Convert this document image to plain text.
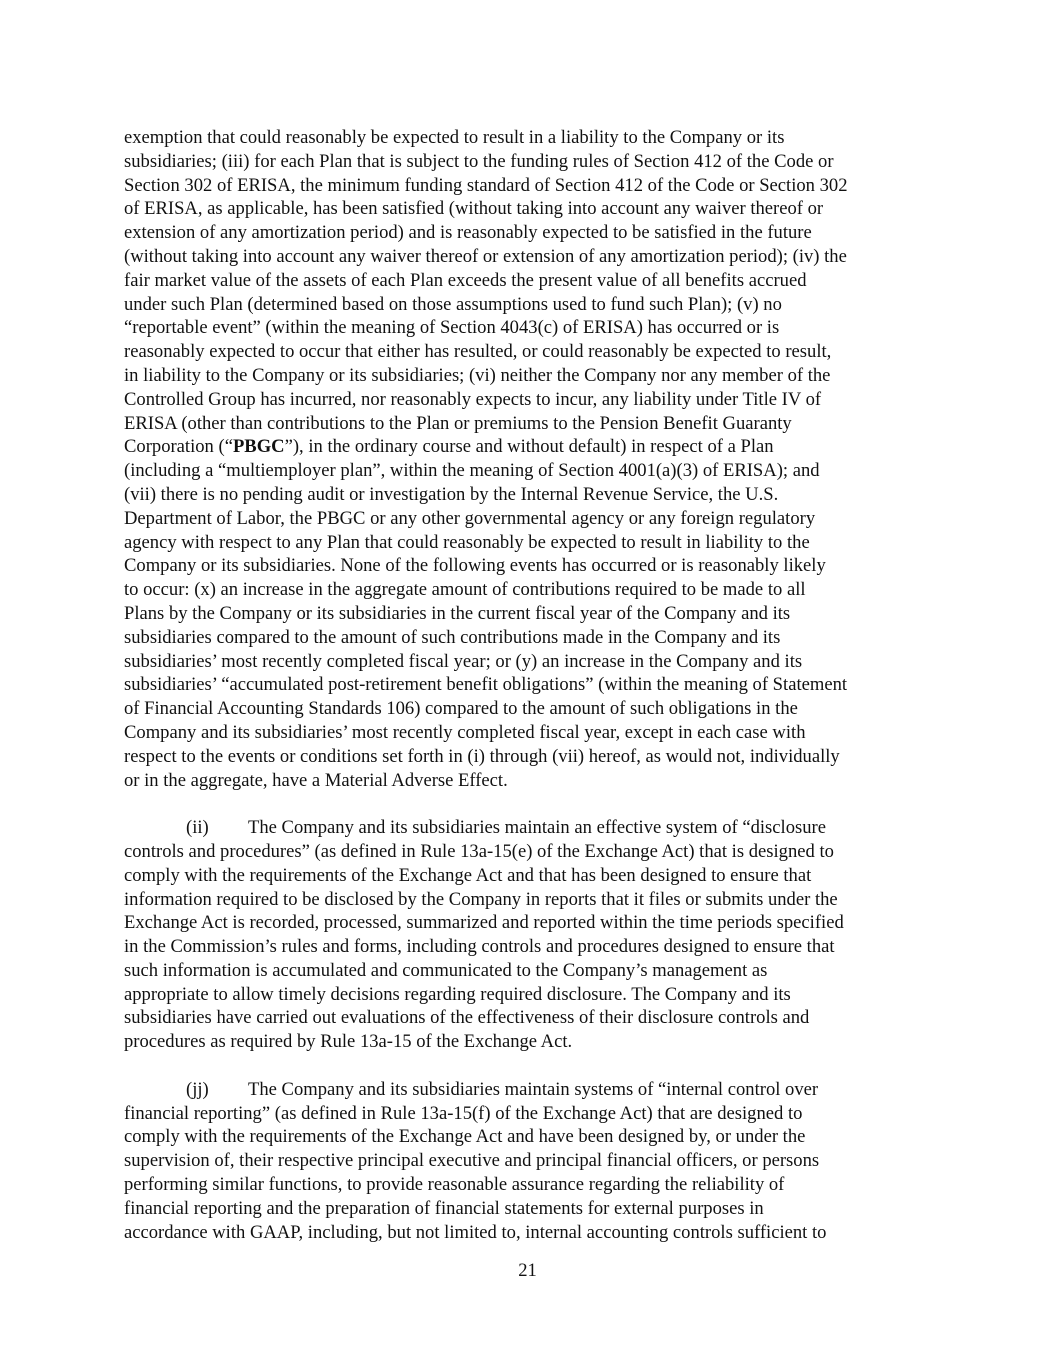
exemption that could reasonably be expected to result in a liability to the Company or its
subsidiaries; (iii) for each Plan that is subject to the funding rules of Section 412 of the Code or
Section 302 of ERISA, the minimum funding standard of Section 412 of the Code or Section 302
of ERISA, as applicable, has been satisfied (without taking into account any waiver thereof or
extension of any amortization period) and is reasonably expected to be satisfied in the future
(without taking into account any waiver thereof or extension of any amortization period); (iv) the
fair market value of the assets of each Plan exceeds the present value of all benefits accrued
under such Plan (determined based on those assumptions used to fund such Plan); (v) no
“reportable event” (within the meaning of Section 4043(c) of ERISA) has occurred or is
reasonably expected to occur that either has resulted, or could reasonably be expected to result,
in liability to the Company or its subsidiaries; (vi) neither the Company nor any member of the
Controlled Group has incurred, nor reasonably expects to incur, any liability under Title IV of
ERISA (other than contributions to the Plan or premiums to the Pension Benefit Guaranty
Corporation (“PBGC”), in the ordinary course and without default) in respect of a Plan
(including a “multiemployer plan”, within the meaning of Section 4001(a)(3) of ERISA); and
(vii) there is no pending audit or investigation by the Internal Revenue Service, the U.S.
Department of Labor, the PBGC or any other governmental agency or any foreign regulatory
agency with respect to any Plan that could reasonably be expected to result in liability to the
Company or its subsidiaries. None of the following events has occurred or is reasonably likely
to occur: (x) an increase in the aggregate amount of contributions required to be made to all
Plans by the Company or its subsidiaries in the current fiscal year of the Company and its
subsidiaries compared to the amount of such contributions made in the Company and its
subsidiaries’ most recently completed fiscal year; or (y) an increase in the Company and its
subsidiaries’ “accumulated post-retirement benefit obligations” (within the meaning of Statement
of Financial Accounting Standards 106) compared to the amount of such obligations in the
Company and its subsidiaries’ most recently completed fiscal year, except in each case with
respect to the events or conditions set forth in (i) through (vii) hereof, as would not, individually
or in the aggregate, have a Material Adverse Effect.
(ii) The Company and its subsidiaries maintain an effective system of “disclosure
controls and procedures” (as defined in Rule 13a-15(e) of the Exchange Act) that is designed to
comply with the requirements of the Exchange Act and that has been designed to ensure that
information required to be disclosed by the Company in reports that it files or submits under the
Exchange Act is recorded, processed, summarized and reported within the time periods specified
in the Commission’s rules and forms, including controls and procedures designed to ensure that
such information is accumulated and communicated to the Company’s management as
appropriate to allow timely decisions regarding required disclosure. The Company and its
subsidiaries have carried out evaluations of the effectiveness of their disclosure controls and
procedures as required by Rule 13a-15 of the Exchange Act.
(jj) The Company and its subsidiaries maintain systems of “internal control over
financial reporting” (as defined in Rule 13a-15(f) of the Exchange Act) that are designed to
comply with the requirements of the Exchange Act and have been designed by, or under the
supervision of, their respective principal executive and principal financial officers, or persons
performing similar functions, to provide reasonable assurance regarding the reliability of
financial reporting and the preparation of financial statements for external purposes in
accordance with GAAP, including, but not limited to, internal accounting controls sufficient to
21
